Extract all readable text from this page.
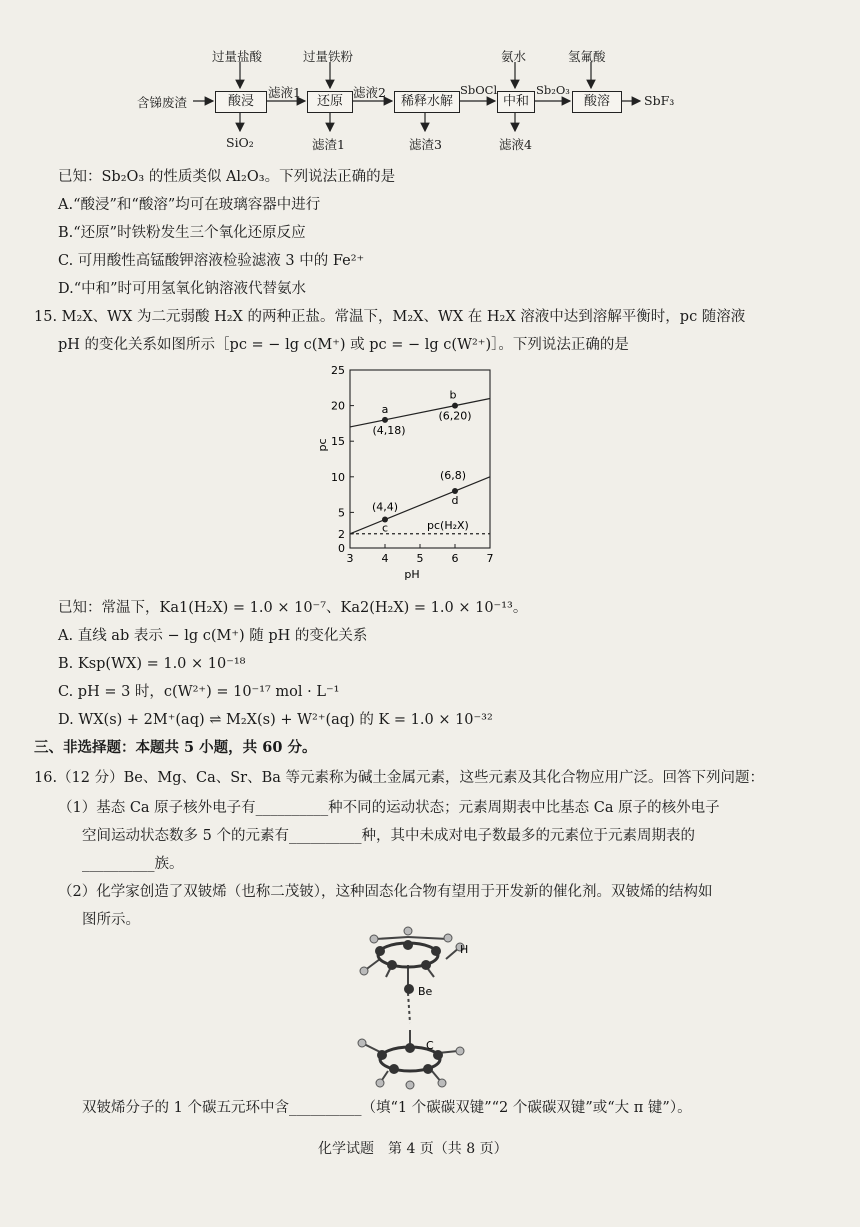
含锑废渣	酸浸	还原	稀释水解	中和	酸溶
过量盐酸	过量铁粉	氨水	氢氟酸
滤液1	滤液2	SbOCl	Sb₂O₃
SbF₃
SiO₂	滤渣1	滤渣3	滤液4
已知：Sb₂O₃ 的性质类似 Al₂O₃。下列说法正确的是
A.“酸浸”和“酸溶”均可在玻璃容器中进行
B.“还原”时铁粉发生三个氧化还原反应
C. 可用酸性高锰酸钾溶液检验滤液 3 中的 Fe²⁺
D.“中和”时可用氢氧化钠溶液代替氨水
15. M₂X、WX 为二元弱酸 H₂X 的两种正盐。常温下，M₂X、WX 在 H₂X 溶液中达到溶解平衡时，pc 随溶液
pH 的变化关系如图所示［pc = − lg c(M⁺) 或 pc = − lg c(W²⁺)］。下列说法正确的是
3	4	5	6	7
0
2
5
10
15
20
25
pH
pc
pc(H₂X)
a
(4,18)
b
(6,20)
c
(4,4)	d
(6,8)
已知：常温下，Ka1(H₂X) = 1.0 × 10⁻⁷、Ka2(H₂X) = 1.0 × 10⁻¹³。
A. 直线 ab 表示 − lg c(M⁺) 随 pH 的变化关系
B. Ksp(WX) = 1.0 × 10⁻¹⁸
C. pH = 3 时，c(W²⁺) = 10⁻¹⁷ mol · L⁻¹
D. WX(s) + 2M⁺(aq) ⇌ M₂X(s) + W²⁺(aq) 的 K = 1.0 × 10⁻³²
三、非选择题：本题共 5 小题，共 60 分。
16.（12 分）Be、Mg、Ca、Sr、Ba 等元素称为碱土金属元素，这些元素及其化合物应用广泛。回答下列问题：
（1）基态 Ca 原子核外电子有__________种不同的运动状态；元素周期表中比基态 Ca 原子的核外电子
空间运动状态数多 5 个的元素有__________种，其中未成对电子数最多的元素位于元素周期表的
__________族。
（2）化学家创造了双铍烯（也称二茂铍），这种固态化合物有望用于开发新的催化剂。双铍烯的结构如
图所示。
H
Be
C
双铍烯分子的 1 个碳五元环中含__________（填“1 个碳碳双键”“2 个碳碳双键”或“大 π 键”）。
化学试题　第 4 页（共 8 页）
